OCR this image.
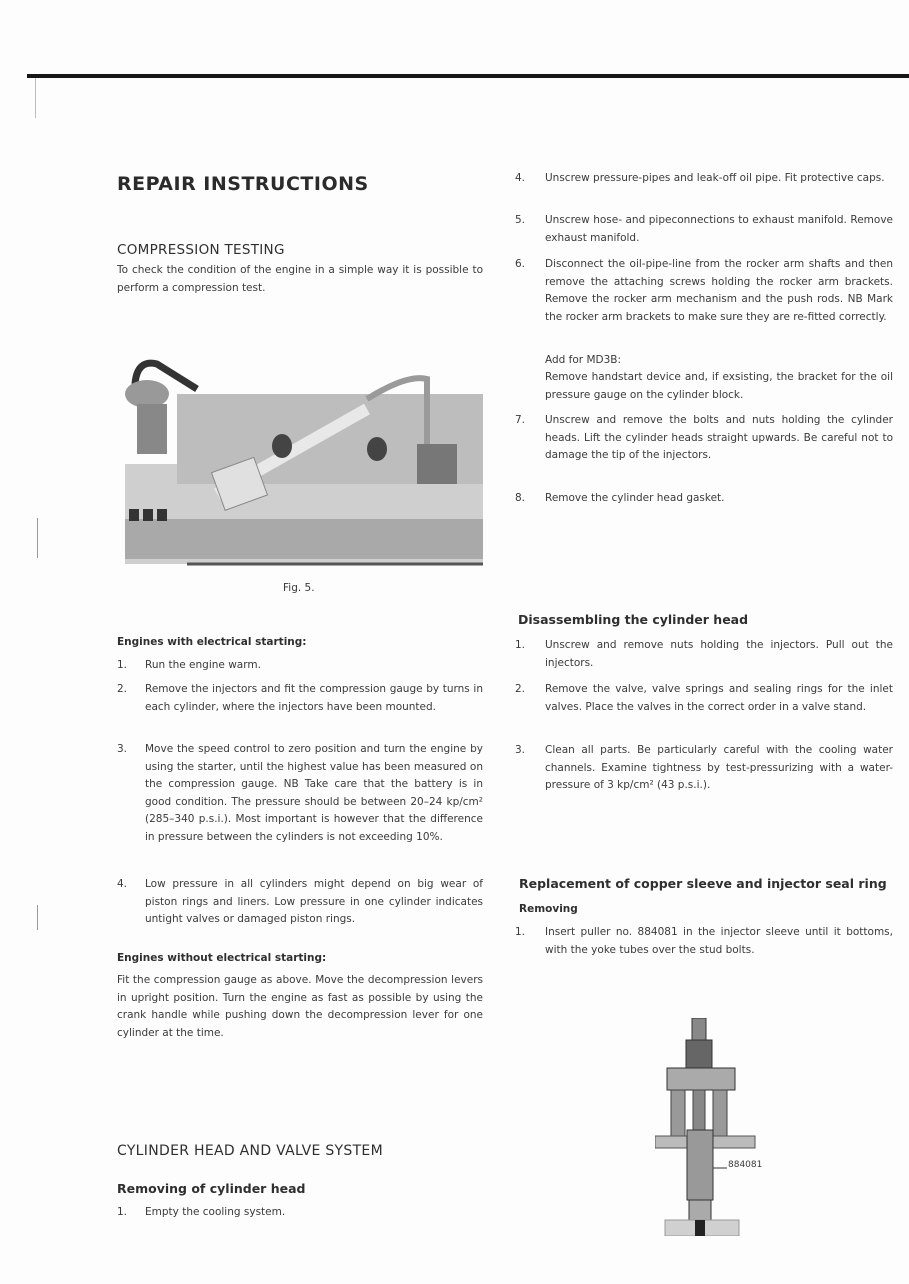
REPAIR INSTRUCTIONS
COMPRESSION TESTING
To check the condition of the engine in a simple way it is possible to perform a compression test.
Fig. 5.
Engines with electrical starting:
1.	Run the engine warm.
2.	Remove the injectors and fit the compression gauge by turns in each cylinder, where the injectors have been mounted.
3.	Move the speed control to zero position and turn the engine by using the starter, until the highest value has been measured on the compression gauge. NB Take care that the battery is in good condition. The pressure should be between 20–24 kp/cm² (285–340 p.s.i.). Most important is however that the difference in pressure between the cylinders is not exceeding 10%.
4.	Low pressure in all cylinders might depend on big wear of piston rings and liners. Low pressure in one cylinder indicates untight valves or damaged piston rings.
Engines without electrical starting:
Fit the compression gauge as above. Move the decompression levers in upright position. Turn the engine as fast as possible by using the crank handle while pushing down the decompression lever for one cylinder at the time.
CYLINDER HEAD AND VALVE SYSTEM
Removing of cylinder head
1.	Empty the cooling system.
4.	Unscrew pressure-pipes and leak-off oil pipe. Fit protective caps.
5.	Unscrew hose- and pipeconnections to exhaust manifold. Remove exhaust manifold.
6.	Disconnect the oil-pipe-line from the rocker arm shafts and then remove the attaching screws holding the rocker arm brackets. Remove the rocker arm mechanism and the push rods. NB Mark the rocker arm brackets to make sure they are re-fitted correctly.
Add for MD3B:
Remove handstart device and, if exsisting, the bracket for the oil pressure gauge on the cylinder block.
7.	Unscrew and remove the bolts and nuts holding the cylinder heads. Lift the cylinder heads straight upwards. Be careful not to damage the tip of the injectors.
8.	Remove the cylinder head gasket.
Disassembling the cylinder head
1.	Unscrew and remove nuts holding the injectors. Pull out the injectors.
2.	Remove the valve, valve springs and sealing rings for the inlet valves. Place the valves in the correct order in a valve stand.
3.	Clean all parts. Be particularly careful with the cooling water channels. Examine tightness by test-pressurizing with a water-pressure of 3 kp/cm² (43 p.s.i.).
Replacement of copper sleeve and injector seal ring
Removing
1.	Insert puller no. 884081 in the injector sleeve until it bottoms, with the yoke tubes over the stud bolts.
884081
